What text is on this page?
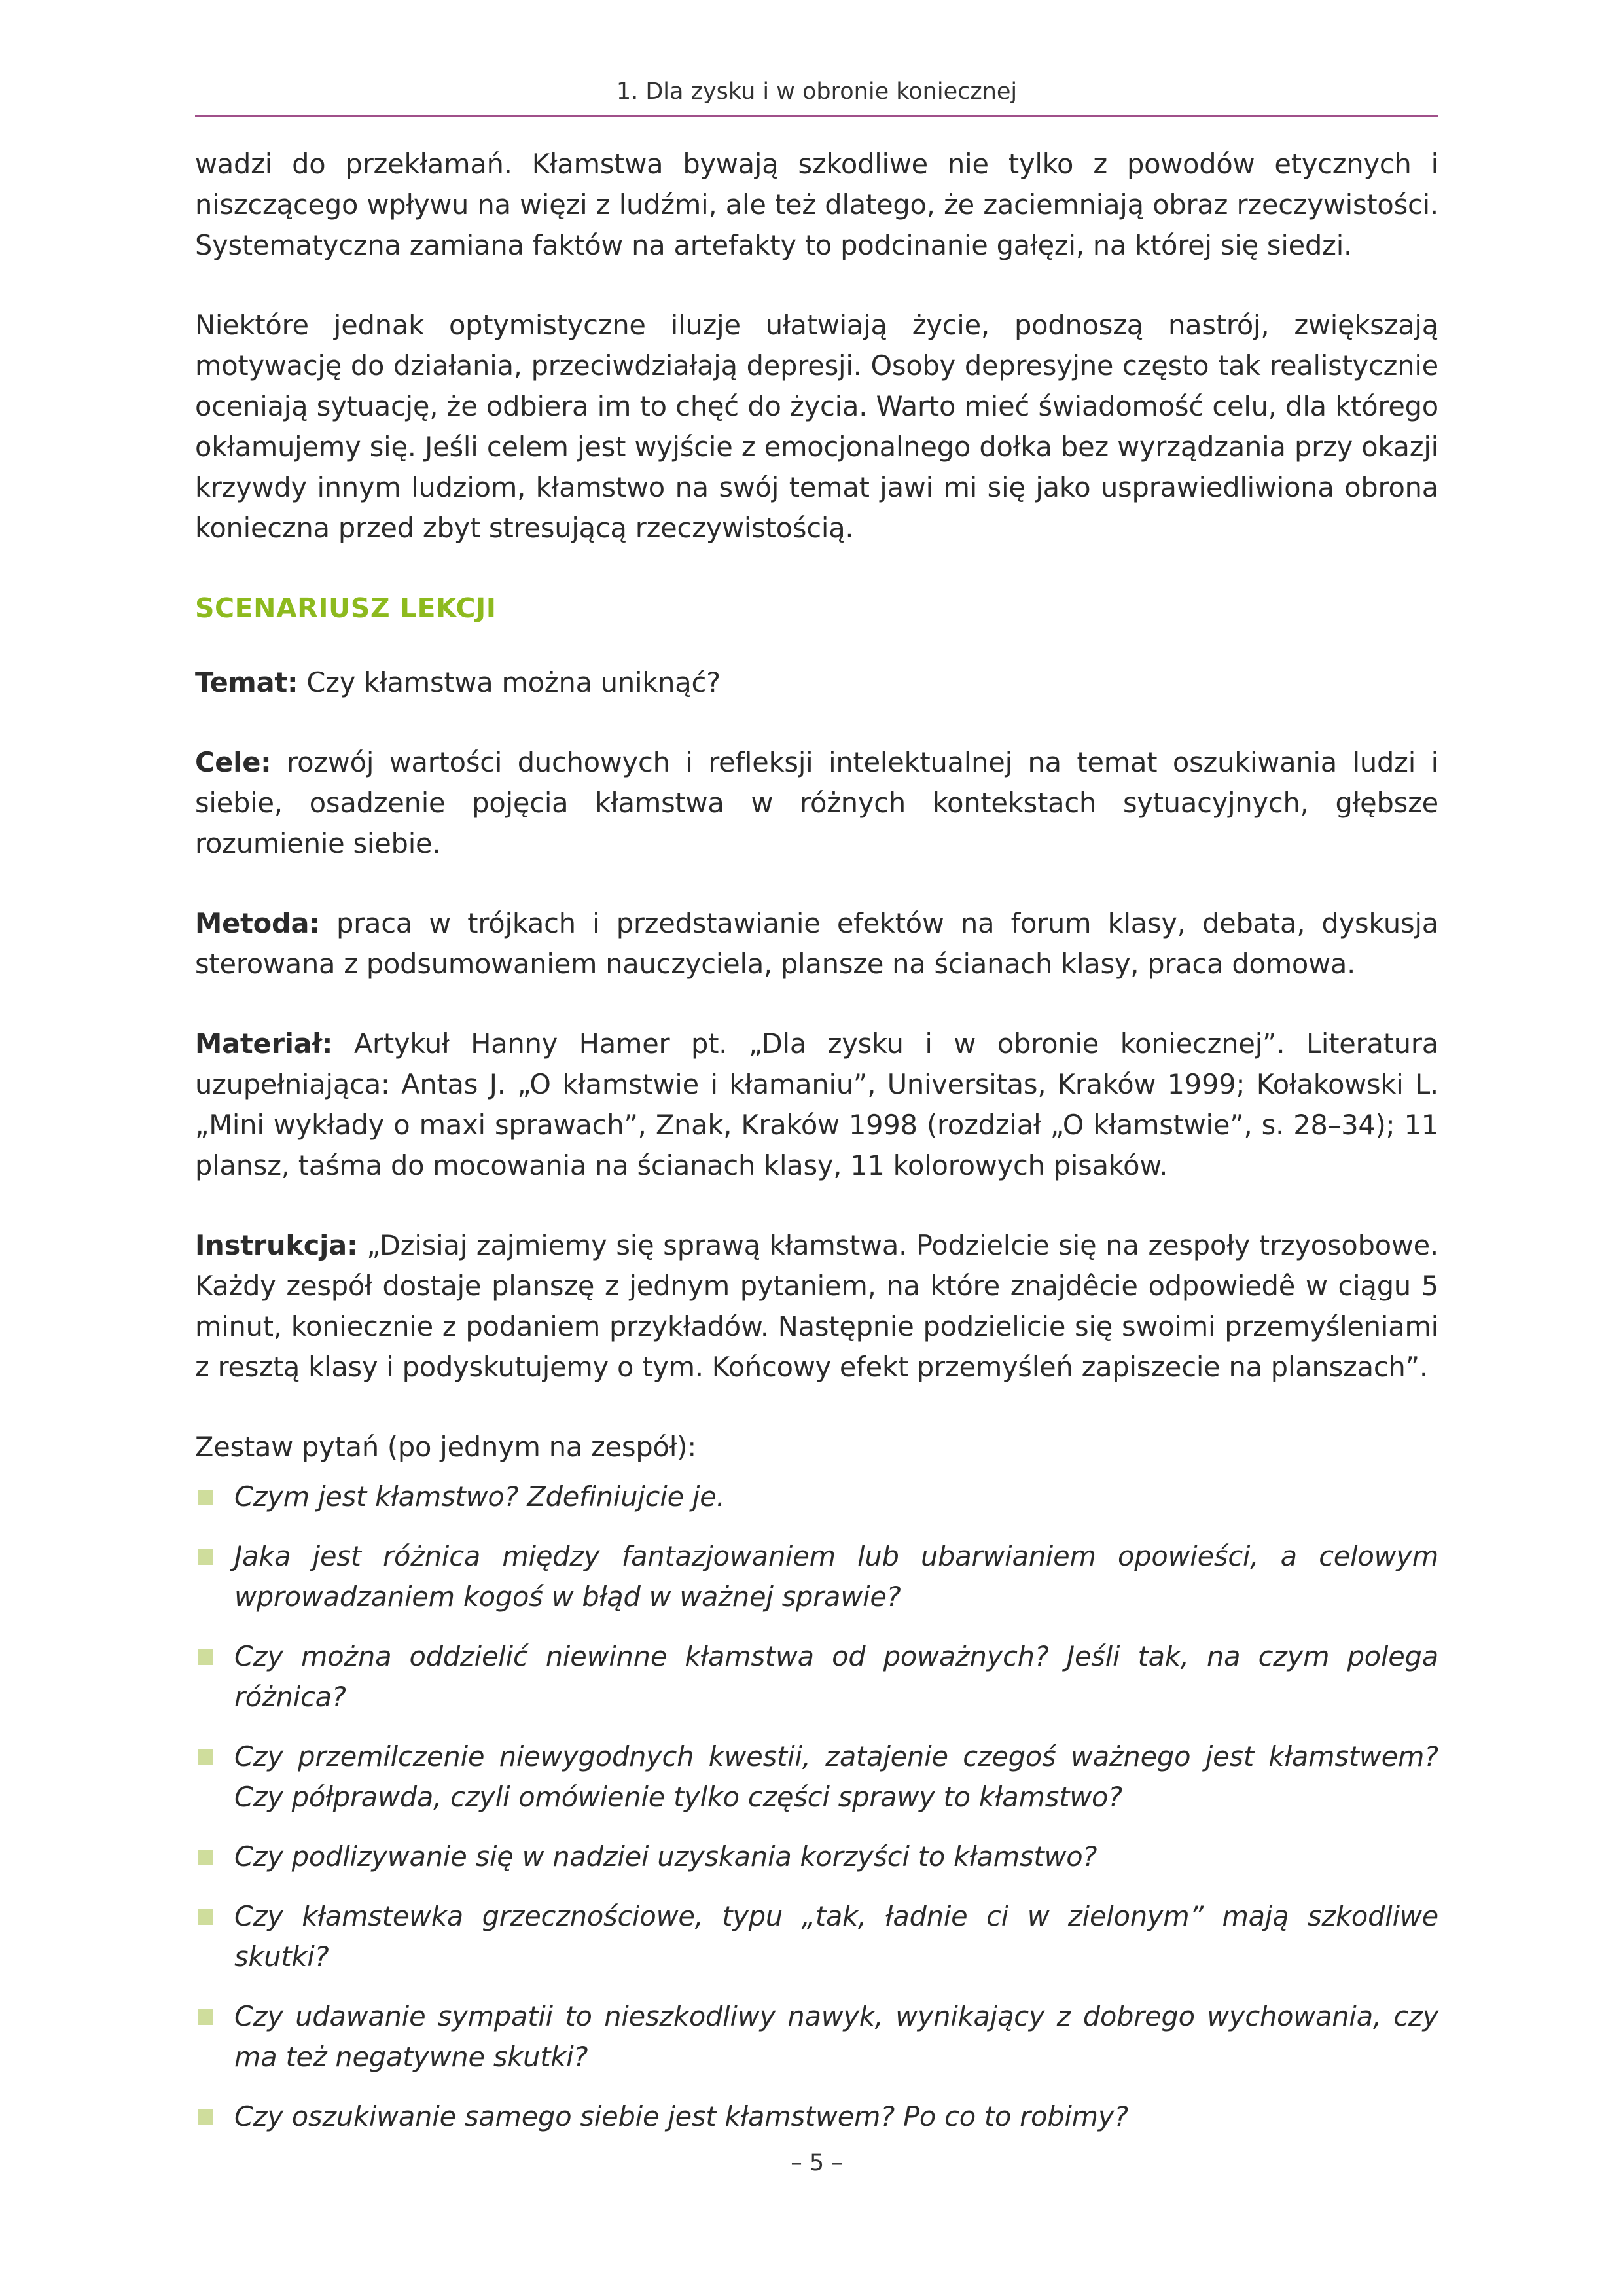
1. Dla zysku i w obronie koniecznej

wadzi do przekłamań. Kłamstwa bywają szkodliwe nie tylko z powodów etycznych i niszczącego wpływu na więzi z ludźmi, ale też dlatego, że zaciemniają obraz rzeczywistości. Systematyczna zamiana faktów na artefakty to podcinanie gałęzi, na której się siedzi.

Niektóre jednak optymistyczne iluzje ułatwiają życie, podnoszą nastrój, zwiększają motywację do działania, przeciwdziałają depresji. Osoby depresyjne często tak realistycznie oceniają sytuację, że odbiera im to chęć do życia. Warto mieć świadomość celu, dla którego okłamujemy się. Jeśli celem jest wyjście z emocjonalnego dołka bez wyrządzania przy okazji krzywdy innym ludziom, kłamstwo na swój temat jawi mi się jako usprawiedliwiona obrona konieczna przed zbyt stresującą rzeczywistością.

SCENARIUSZ LEKCJI

Temat: Czy kłamstwa można uniknąć?

Cele: rozwój wartości duchowych i refleksji intelektualnej na temat oszukiwania ludzi i siebie, osadzenie pojęcia kłamstwa w różnych kontekstach sytuacyjnych, głębsze rozumienie siebie.

Metoda: praca w trójkach i przedstawianie efektów na forum klasy, debata, dyskusja sterowana z podsumowaniem nauczyciela, plansze na ścianach klasy, praca domowa.

Materiał: Artykuł Hanny Hamer pt. „Dla zysku i w obronie koniecznej”. Literatura uzupełniająca: Antas J. „O kłamstwie i kłamaniu”, Universitas, Kraków 1999; Kołakowski L. „Mini wykłady o maxi sprawach”, Znak, Kraków 1998 (rozdział „O kłamstwie”, s. 28–34); 11 plansz, taśma do mocowania na ścianach klasy, 11 kolorowych pisaków.

Instrukcja: „Dzisiaj zajmiemy się sprawą kłamstwa. Podzielcie się na zespoły trzyosobowe. Każdy zespół dostaje planszę z jednym pytaniem, na które znajdêcie odpowiedê w ciągu 5 minut, koniecznie z podaniem przykładów. Następnie podzielicie się swoimi przemyśleniami z resztą klasy i podyskutujemy o tym. Końcowy efekt przemyśleń zapiszecie na planszach”.

Zestaw pytań (po jednym na zespół):

Czym jest kłamstwo? Zdefiniujcie je.
Jaka jest różnica między fantazjowaniem lub ubarwianiem opowieści, a celowym wprowadzaniem kogoś w błąd w ważnej sprawie?
Czy można oddzielić niewinne kłamstwa od poważnych? Jeśli tak, na czym polega różnica?
Czy przemilczenie niewygodnych kwestii, zatajenie czegoś ważnego jest kłamstwem? Czy półprawda, czyli omówienie tylko części sprawy to kłamstwo?
Czy podlizywanie się w nadziei uzyskania korzyści to kłamstwo?
Czy kłamstewka grzecznościowe, typu „tak, ładnie ci w zielonym” mają szkodliwe skutki?
Czy udawanie sympatii to nieszkodliwy nawyk, wynikający z dobrego wychowania, czy ma też negatywne skutki?
Czy oszukiwanie samego siebie jest kłamstwem? Po co to robimy?
– 5 –
